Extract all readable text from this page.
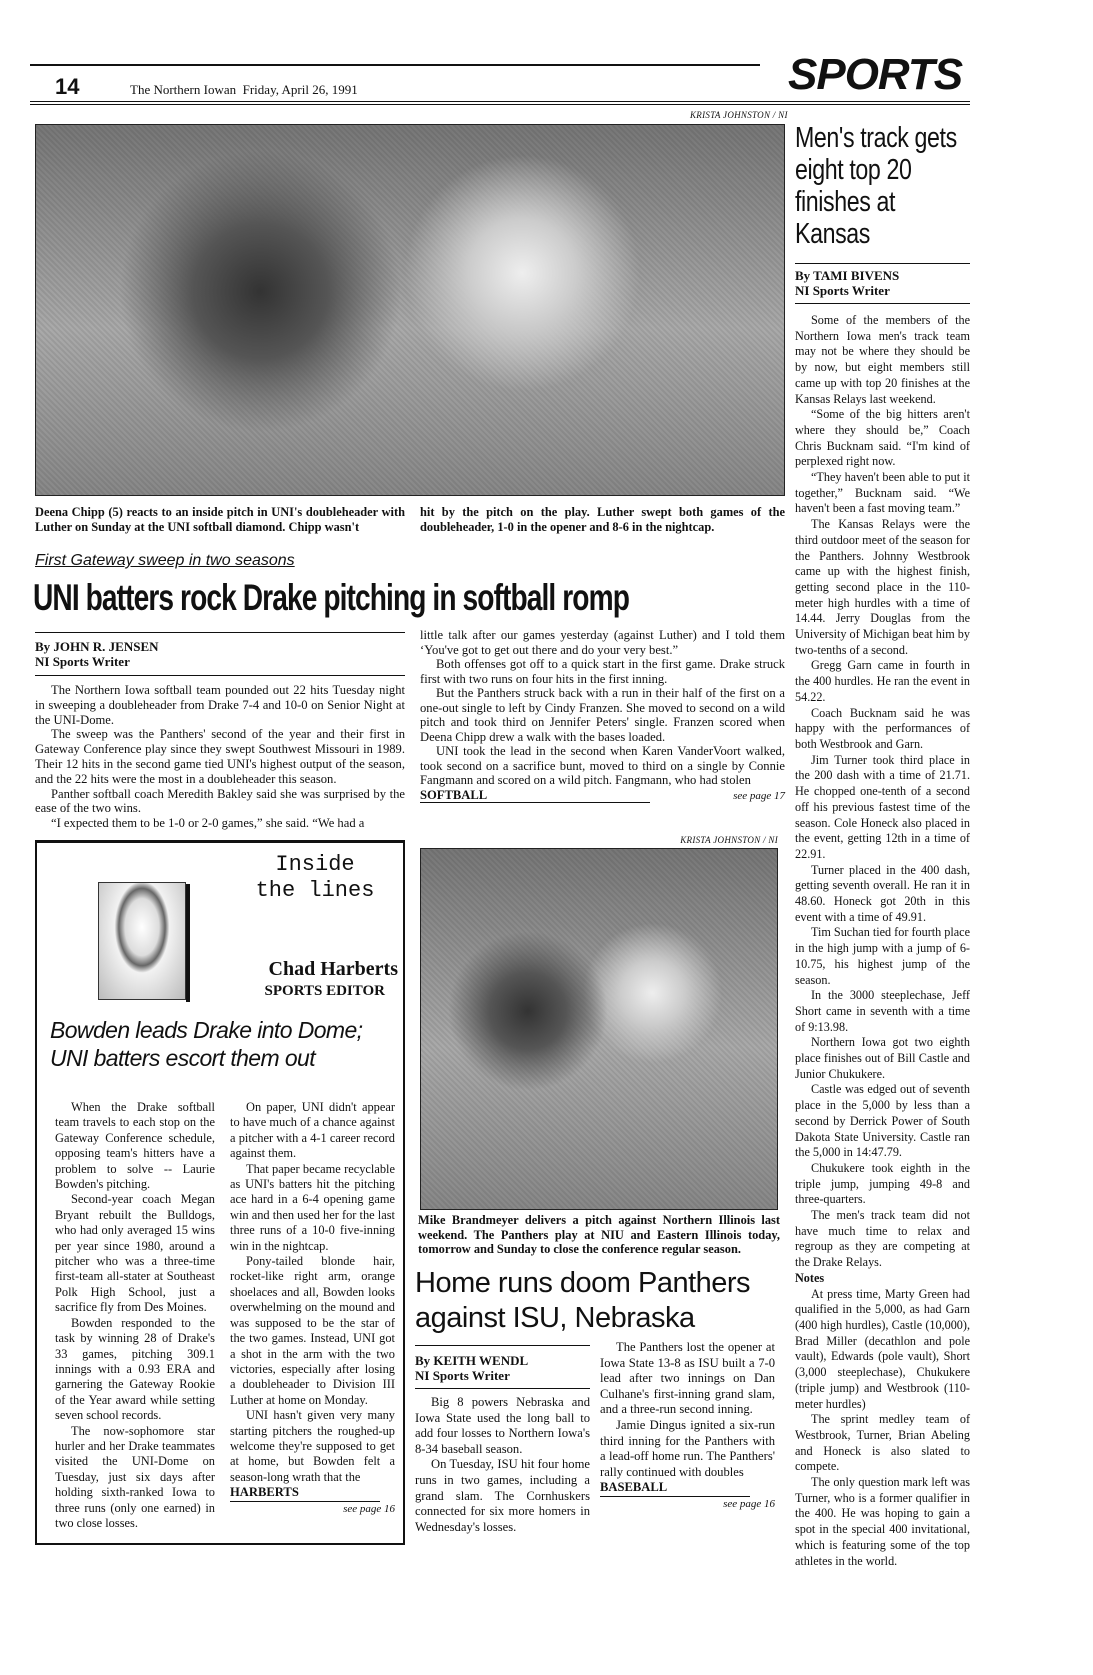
14	The Northern Iowan  Friday, April 26, 1991	SPORTS
KRISTA JOHNSTON / NI
Deena Chipp (5) reacts to an inside pitch in UNI's doubleheader with Luther on Sunday at the UNI softball diamond. Chipp wasn't
hit by the pitch on the play. Luther swept both games of the doubleheader, 1-0 in the opener and 8-6 in the nightcap.
First Gateway sweep in two seasons
UNI batters rock Drake pitching in softball romp
By JOHN R. JENSEN
NI Sports Writer

The Northern Iowa softball team pounded out 22 hits Tuesday night in sweeping a doubleheader from Drake 7-4 and 10-0 on Senior Night at the UNI-Dome.

The sweep was the Panthers' second of the year and their first in Gateway Conference play since they swept Southwest Missouri in 1989. Their 12 hits in the second game tied UNI's highest output of the season, and the 22 hits were the most in a doubleheader this season.

Panther softball coach Meredith Bakley said she was surprised by the ease of the two wins.

“I expected them to be 1-0 or 2-0 games,” she said. “We had a

little talk after our games yesterday (against Luther) and I told them ‘You've got to get out there and do your very best.”

Both offenses got off to a quick start in the first game. Drake struck first with two runs on four hits in the first inning.

But the Panthers struck back with a run in their half of the first on a one-out single to left by Cindy Franzen. She moved to second on a wild pitch and took third on Jennifer Peters' single. Franzen scored when Deena Chipp drew a walk with the bases loaded.

UNI took the lead in the second when Karen VanderVoort walked, took second on a sacrifice bunt, moved to third on a single by Connie Fangmann and scored on a wild pitch. Fangmann, who had stolen

SOFTBALL	see page 17
KRISTA JOHNSTON / NI
Mike Brandmeyer delivers a pitch against Northern Illinois last weekend. The Panthers play at NIU and Eastern Illinois today, tomorrow and Sunday to close the conference regular season.
Inside the lines
Chad Harberts
SPORTS EDITOR
Bowden leads Drake into Dome; UNI batters escort them out

When the Drake softball team travels to each stop on the Gateway Conference schedule, opposing team's hitters have a problem to solve -- Laurie Bowden's pitching.

Second-year coach Megan Bryant rebuilt the Bulldogs, who had only averaged 15 wins per year since 1980, around a pitcher who was a three-time first-team all-stater at Southeast Polk High School, just a sacrifice fly from Des Moines.

Bowden responded to the task by winning 28 of Drake's 33 games, pitching 309.1 innings with a 0.93 ERA and garnering the Gateway Rookie of the Year award while setting seven school records.

The now-sophomore star hurler and her Drake teammates visited the UNI-Dome on Tuesday, just six days after holding sixth-ranked Iowa to three runs (only one earned) in two close losses.

On paper, UNI didn't appear to have much of a chance against a pitcher with a 4-1 career record against them.

That paper became recyclable as UNI's batters hit the pitching ace hard in a 6-4 opening game win and then used her for the last three runs of a 10-0 five-inning win in the nightcap.

Pony-tailed blonde hair, rocket-like right arm, orange shoelaces and all, Bowden looks overwhelming on the mound and was supposed to be the star of the two games. Instead, UNI got a shot in the arm with the two victories, especially after losing a doubleheader to Division III Luther at home on Monday.

UNI hasn't given very many starting pitchers the roughed-up welcome they're supposed to get at home, but Bowden felt a season-long wrath that the

HARBERTS
see page 16
Home runs doom Panthers against ISU, Nebraska
By KEITH WENDL
NI Sports Writer

Big 8 powers Nebraska and Iowa State used the long ball to add four losses to Northern Iowa's 8-34 baseball season.

On Tuesday, ISU hit four home runs in two games, including a grand slam. The Cornhuskers connected for six more homers in Wednesday's losses.

The Panthers lost the opener at Iowa State 13-8 as ISU built a 7-0 lead after two innings on Dan Culhane's first-inning grand slam, and a three-run second inning.

Jamie Dingus ignited a six-run third inning for the Panthers with a lead-off home run. The Panthers' rally continued with doubles

BASEBALL
see page 16
Men's track gets eight top 20 finishes at Kansas
By TAMI BIVENS
NI Sports Writer

Some of the members of the Northern Iowa men's track team may not be where they should be by now, but eight members still came up with top 20 finishes at the Kansas Relays last weekend.

“Some of the big hitters aren't where they should be,” Coach Chris Bucknam said. “I'm kind of perplexed right now.

“They haven't been able to put it together,” Bucknam said. “We haven't been a fast moving team.”

The Kansas Relays were the third outdoor meet of the season for the Panthers. Johnny Westbrook came up with the highest finish, getting second place in the 110-meter high hurdles with a time of 14.44. Jerry Douglas from the University of Michigan beat him by two-tenths of a second.

Gregg Garn came in fourth in the 400 hurdles. He ran the event in 54.22.

Coach Bucknam said he was happy with the performances of both Westbrook and Garn.

Jim Turner took third place in the 200 dash with a time of 21.71. He chopped one-tenth of a second off his previous fastest time of the season. Cole Honeck also placed in the event, getting 12th in a time of 22.91.

Turner placed in the 400 dash, getting seventh overall. He ran it in 48.60. Honeck got 20th in this event with a time of 49.91.

Tim Suchan tied for fourth place in the high jump with a jump of 6-10.75, his highest jump of the season.

In the 3000 steeplechase, Jeff Short came in seventh with a time of 9:13.98.

Northern Iowa got two eighth place finishes out of Bill Castle and Junior Chukukere.

Castle was edged out of seventh place in the 5,000 by less than a second by Derrick Power of South Dakota State University. Castle ran the 5,000 in 14:47.79.

Chukukere took eighth in the triple jump, jumping 49-8 and three-quarters.

The men's track team did not have much time to relax and regroup as they are competing at the Drake Relays.

Notes

At press time, Marty Green had qualified in the 5,000, as had Garn (400 high hurdles), Castle (10,000), Brad Miller (decathlon and pole vault), Edwards (pole vault), Short (3,000 steeplechase), Chukukere (triple jump) and Westbrook (110-meter hurdles)

The sprint medley team of Westbrook, Turner, Brian Abeling and Honeck is also slated to compete.

The only question mark left was Turner, who is a former qualifier in the 400. He was hoping to gain a spot in the special 400 invitational, which is featuring some of the top athletes in the world.
